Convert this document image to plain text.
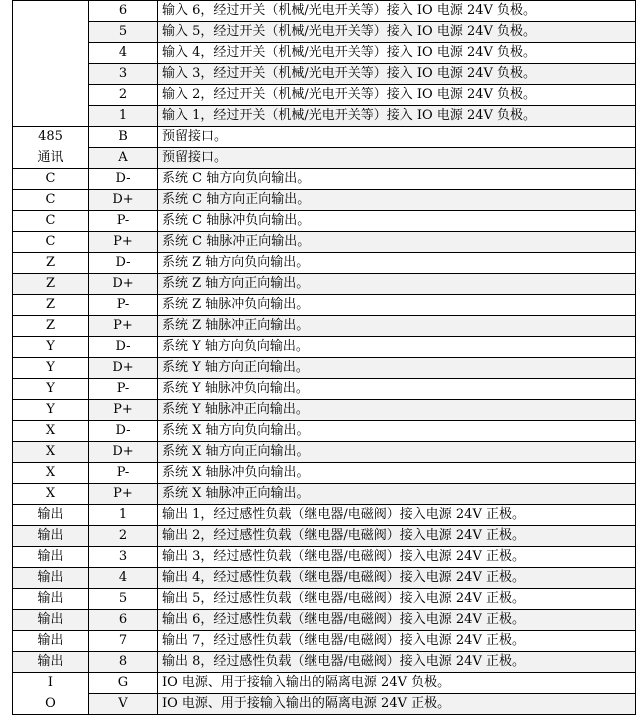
	6	输入 6，经过开关（机械/光电开关等）接入 IO 电源 24V 负极。
	5	输入 5，经过开关（机械/光电开关等）接入 IO 电源 24V 负极。
	4	输入 4，经过开关（机械/光电开关等）接入 IO 电源 24V 负极。
	3	输入 3，经过开关（机械/光电开关等）接入 IO 电源 24V 负极。
	2	输入 2，经过开关（机械/光电开关等）接入 IO 电源 24V 负极。
	1	输入 1，经过开关（机械/光电开关等）接入 IO 电源 24V 负极。
485	B	预留接口。
通讯	A	预留接口。
C	D-	系统 C 轴方向负向输出。
C	D+	系统 C 轴方向正向输出。
C	P-	系统 C 轴脉冲负向输出。
C	P+	系统 C 轴脉冲正向输出。
Z	D-	系统 Z 轴方向负向输出。
Z	D+	系统 Z 轴方向正向输出。
Z	P-	系统 Z 轴脉冲负向输出。
Z	P+	系统 Z 轴脉冲正向输出。
Y	D-	系统 Y 轴方向负向输出。
Y	D+	系统 Y 轴方向正向输出。
Y	P-	系统 Y 轴脉冲负向输出。
Y	P+	系统 Y 轴脉冲正向输出。
X	D-	系统 X 轴方向负向输出。
X	D+	系统 X 轴方向正向输出。
X	P-	系统 X 轴脉冲负向输出。
X	P+	系统 X 轴脉冲正向输出。
输出	1	输出 1，经过感性负载（继电器/电磁阀）接入电源 24V 正极。
输出	2	输出 2，经过感性负载（继电器/电磁阀）接入电源 24V 正极。
输出	3	输出 3，经过感性负载（继电器/电磁阀）接入电源 24V 正极。
输出	4	输出 4，经过感性负载（继电器/电磁阀）接入电源 24V 正极。
输出	5	输出 5，经过感性负载（继电器/电磁阀）接入电源 24V 正极。
输出	6	输出 6，经过感性负载（继电器/电磁阀）接入电源 24V 正极。
输出	7	输出 7，经过感性负载（继电器/电磁阀）接入电源 24V 正极。
输出	8	输出 8，经过感性负载（继电器/电磁阀）接入电源 24V 正极。
I	G	IO 电源、用于接输入输出的隔离电源 24V 负极。
O	V	IO 电源、用于接输入输出的隔离电源 24V 正极。
